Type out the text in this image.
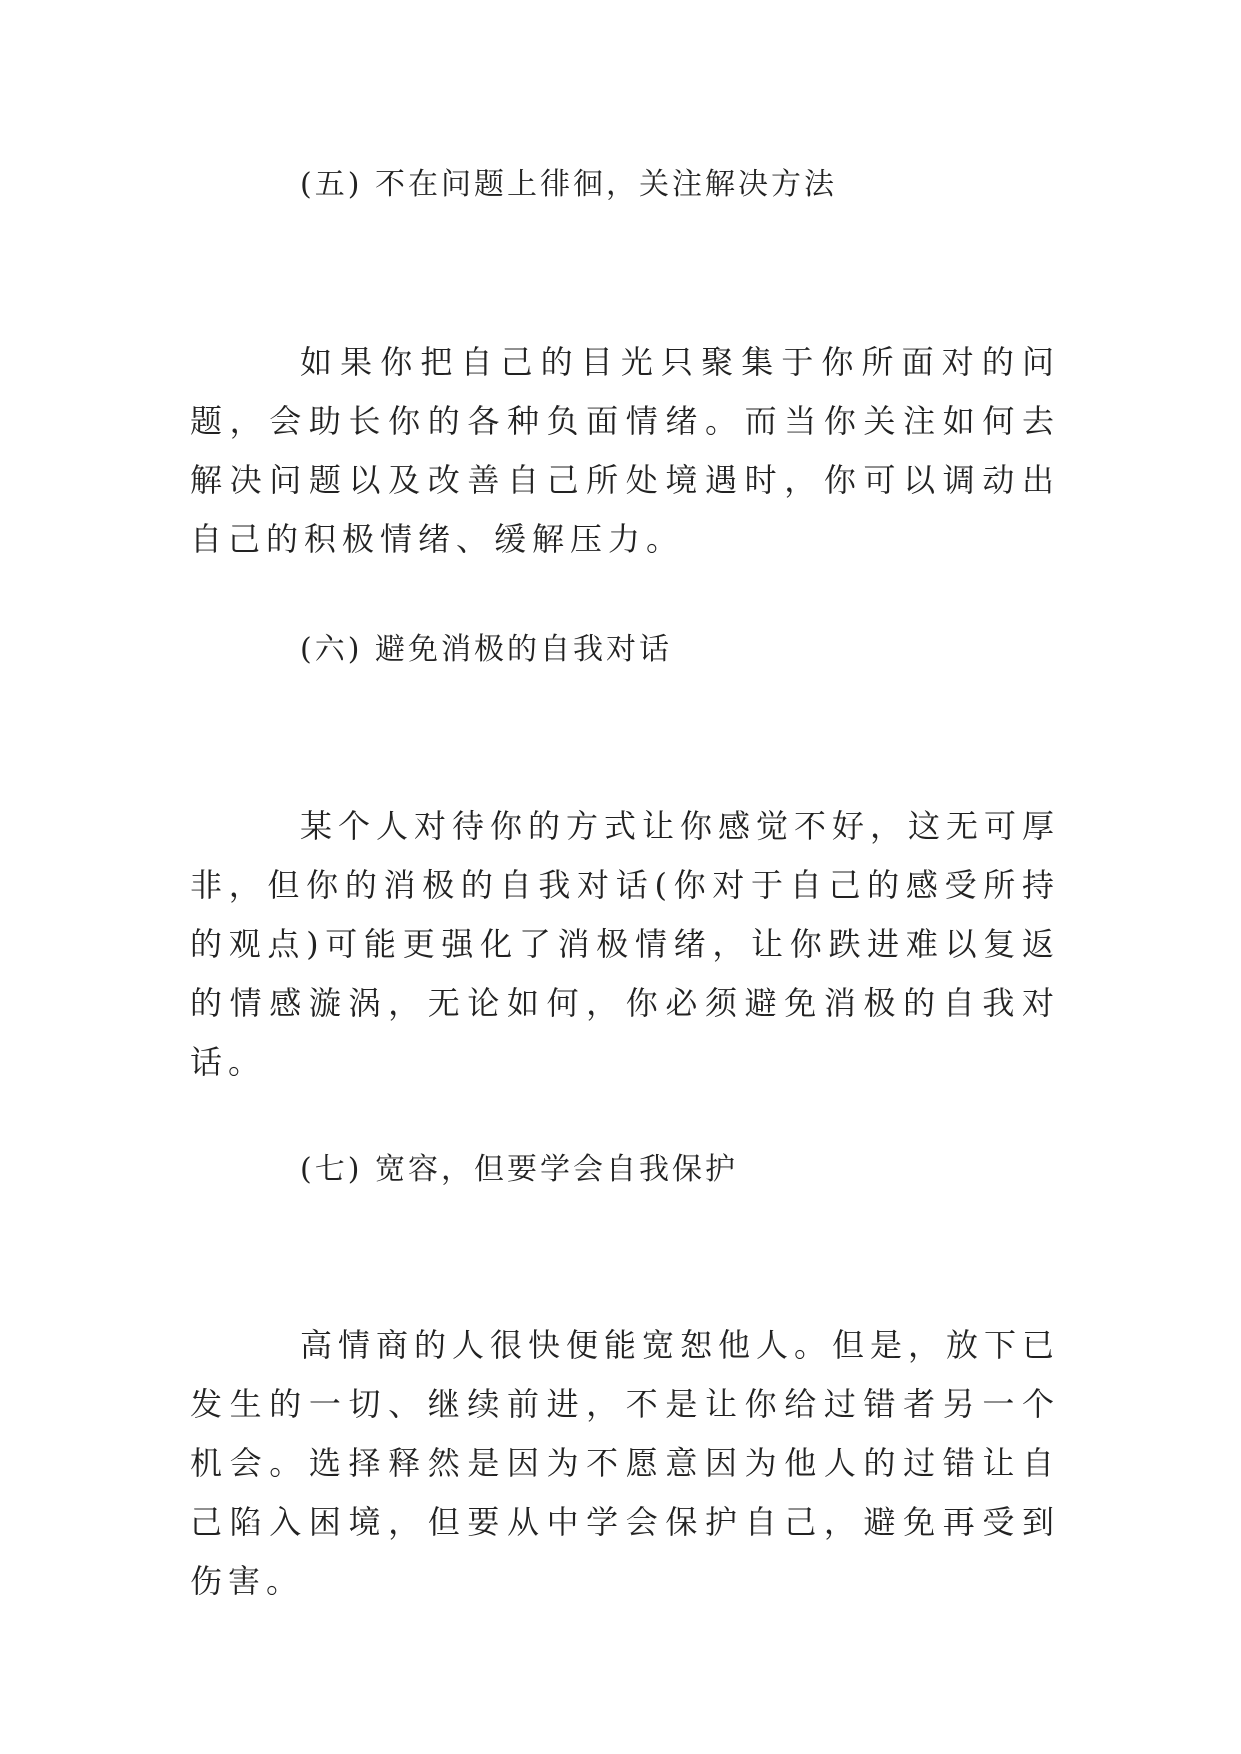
(五) 不在问题上徘徊，关注解决方法

如果你把自己的目光只聚集于你所面对的问题，会助长你的各种负面情绪。而当你关注如何去解决问题以及改善自己所处境遇时，你可以调动出自己的积极情绪、缓解压力。

(六) 避免消极的自我对话

某个人对待你的方式让你感觉不好，这无可厚非，但你的消极的自我对话(你对于自己的感受所持的观点)可能更强化了消极情绪，让你跌进难以复返的情感漩涡，无论如何，你必须避免消极的自我对话。

(七) 宽容，但要学会自我保护

高情商的人很快便能宽恕他人。但是，放下已发生的一切、继续前进，不是让你给过错者另一个机会。选择释然是因为不愿意因为他人的过错让自己陷入困境，但要从中学会保护自己，避免再受到伤害。
